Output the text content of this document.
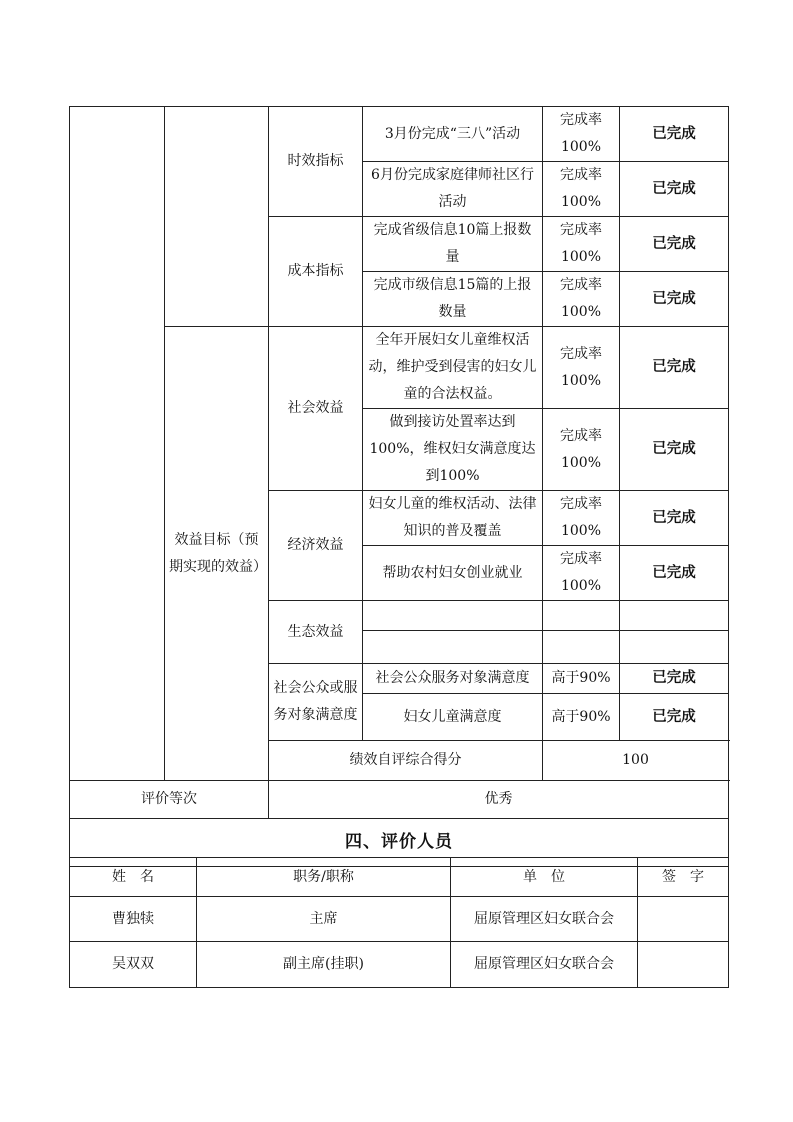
		时效指标	3月份完成“三八”活动	完成率100%	已完成

			6月份完成家庭律师社区行活动	完成率100%	已完成
		成本指标	完成省级信息10篇上报数量	完成率100%	已完成

			完成市级信息15篇的上报数量	完成率100%	已完成

	效益目标（预期实现的效益）	社会效益	全年开展妇女儿童维权活动，维护受到侵害的妇女儿童的合法权益。	完成率100%	已完成

			做到接访处置率达到100%，维权妇女满意度达到100%	完成率100%	已完成
		经济效益	妇女儿童的维权活动、法律知识的普及覆盖	完成率100%	已完成

			帮助农村妇女创业就业	完成率100%	已完成
		生态效益			

		社会公众或服务对象满意度	社会公众服务对象满意度	高于90%	已完成

			妇女儿童满意度	高于90%	已完成
		绩效自评综合得分		100	
评价等次		优秀			
四、评价人员					
姓　名	职务/职称	单　位	签　字
曹独犊	主席	屈原管理区妇女联合会	
吴双双	副主席(挂职)	屈原管理区妇女联合会	
